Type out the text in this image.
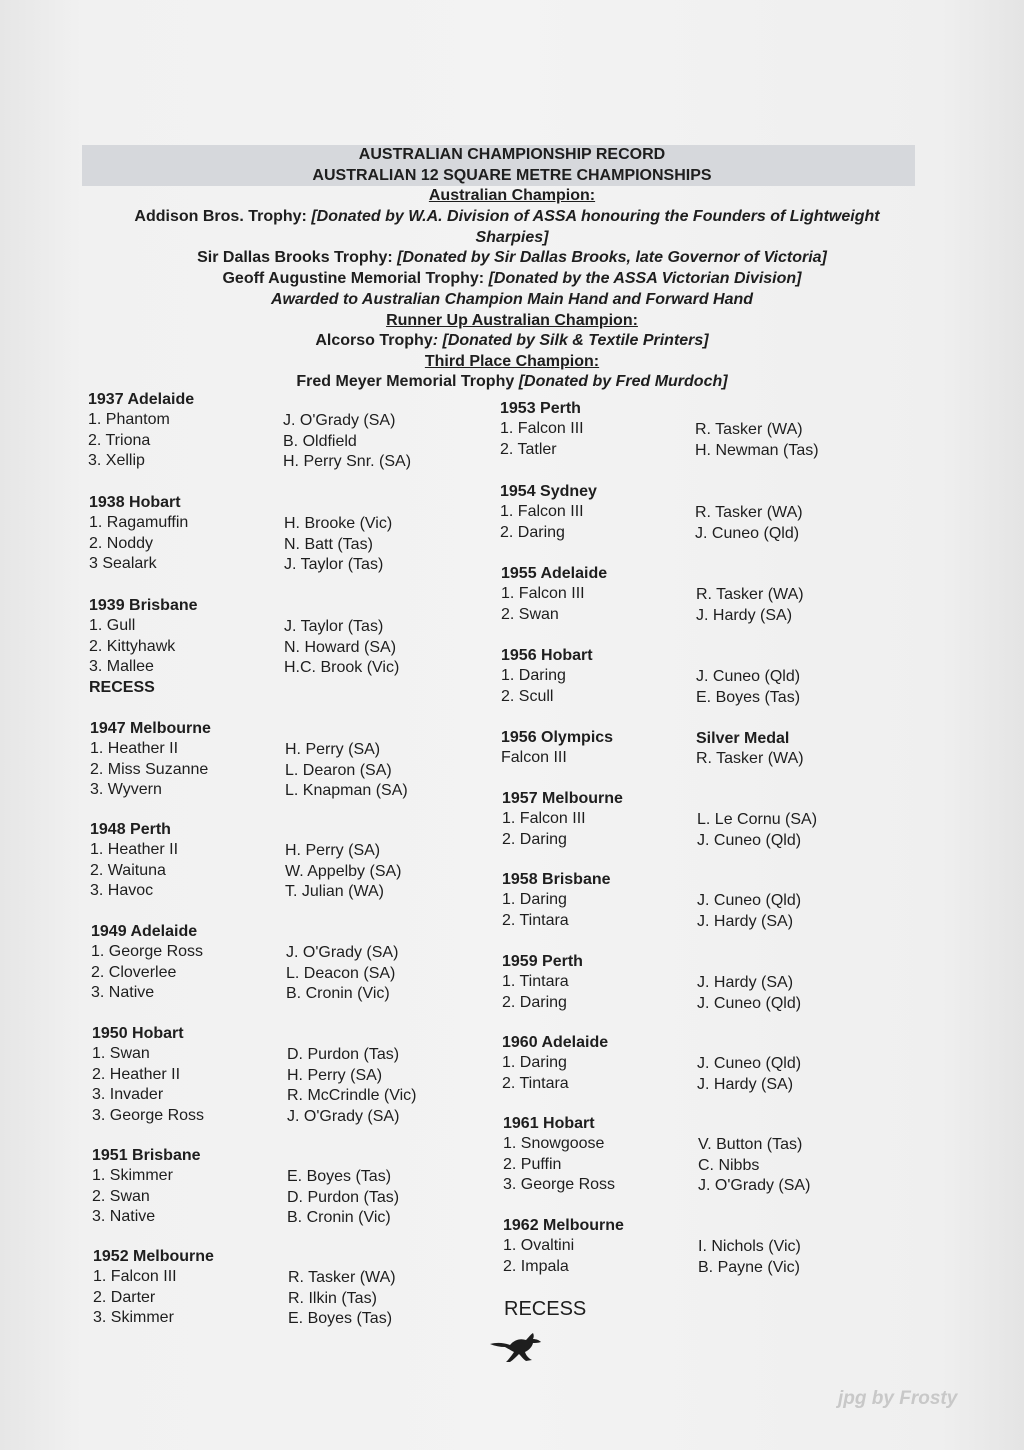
AUSTRALIAN CHAMPIONSHIP RECORD
AUSTRALIAN 12 SQUARE METRE CHAMPIONSHIPS
Australian Champion:
Addison Bros. Trophy: [Donated by W.A. Division of ASSA honouring the Founders of Lightweight
Sharpies]
Sir Dallas Brooks Trophy: [Donated by Sir Dallas Brooks, late Governor of Victoria]
Geoff Augustine Memorial Trophy: [Donated by the ASSA Victorian Division]
Awarded to Australian Champion Main Hand and Forward Hand
Runner Up Australian Champion:
Alcorso Trophy: [Donated by Silk & Textile Printers]
Third Place Champion:
Fred Meyer Memorial Trophy [Donated by Fred Murdoch]
1937 Adelaide
1. Phantom	J. O'Grady (SA)
2. Triona	B. Oldfield
3. Xellip	H. Perry Snr. (SA)
1938 Hobart
1. Ragamuffin	H. Brooke (Vic)
2. Noddy	N. Batt (Tas)
3 Sealark	J. Taylor (Tas)
1939 Brisbane
1. Gull	J. Taylor (Tas)
2. Kittyhawk	N. Howard (SA)
3. Mallee	H.C. Brook (Vic)
RECESS
1947 Melbourne
1. Heather II	H. Perry (SA)
2. Miss Suzanne	L. Dearon (SA)
3. Wyvern	L. Knapman (SA)
1948 Perth
1. Heather II	H. Perry (SA)
2. Waituna	W. Appelby (SA)
3. Havoc	T. Julian (WA)
1949 Adelaide
1. George Ross	J. O'Grady (SA)
2. Cloverlee	L. Deacon (SA)
3. Native	B. Cronin (Vic)
1950 Hobart
1. Swan	D. Purdon (Tas)
2. Heather II	H. Perry (SA)
3. Invader	R. McCrindle (Vic)
3. George Ross	J. O'Grady (SA)
1951 Brisbane
1. Skimmer	E. Boyes (Tas)
2. Swan	D. Purdon (Tas)
3. Native	B. Cronin (Vic)
1952 Melbourne
1. Falcon III	R. Tasker (WA)
2. Darter	R. Ilkin (Tas)
3. Skimmer	E. Boyes (Tas)
1953 Perth
1. Falcon III	R. Tasker (WA)
2. Tatler	H. Newman (Tas)
1954 Sydney
1. Falcon III	R. Tasker (WA)
2. Daring	J. Cuneo (Qld)
1955 Adelaide
1. Falcon III	R. Tasker (WA)
2. Swan	J. Hardy (SA)
1956 Hobart
1. Daring	J. Cuneo (Qld)
2. Scull	E. Boyes (Tas)
1956 Olympics	Silver Medal
Falcon III	R. Tasker (WA)
1957 Melbourne
1. Falcon III	L. Le Cornu (SA)
2. Daring	J. Cuneo (Qld)
1958 Brisbane
1. Daring	J. Cuneo (Qld)
2. Tintara	J. Hardy (SA)
1959 Perth
1. Tintara	J. Hardy (SA)
2. Daring	J. Cuneo (Qld)
1960 Adelaide
1. Daring	J. Cuneo (Qld)
2. Tintara	J. Hardy (SA)
1961 Hobart
1. Snowgoose	V. Button (Tas)
2. Puffin	C. Nibbs
3. George Ross	J. O'Grady (SA)
1962 Melbourne
1. Ovaltini	I. Nichols (Vic)
2. Impala	B. Payne (Vic)
RECESS
jpg by Frosty
